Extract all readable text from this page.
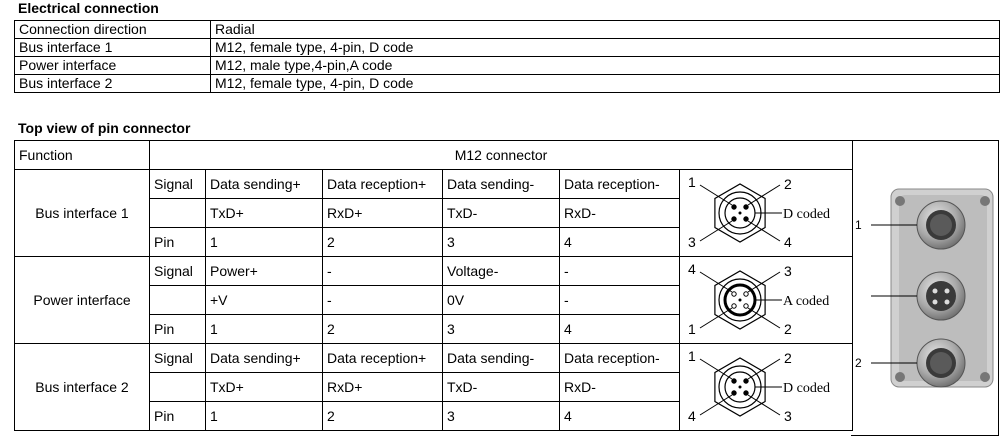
Electrical connection
Connection direction	Radial
Bus interface 1	M12, female type, 4-pin, D code
Power interface	M12, male type,4-pin,A code
Bus interface 2	M12, female type, 4-pin, D code
Top view of pin connector
Function	M12 connector					
Bus interface 1	Signal	Data sending+	Data reception+	Data sending-	Data reception-	1 2
3 4
D coded

		TxD+	RxD+	TxD-	RxD-	
	Pin	1	2	3	4	
Power interface	Signal	Power+	-	Voltage-	-	4 3
1 2
A coded

		+V	-	0V	-	
	Pin	1	2	3	4	
Bus interface 2	Signal	Data sending+	Data reception+	Data sending-	Data reception-	1 2
4 3
D coded

		TxD+	RxD+	TxD-	RxD-	
	Pin	1	2	3	4	
1
2
